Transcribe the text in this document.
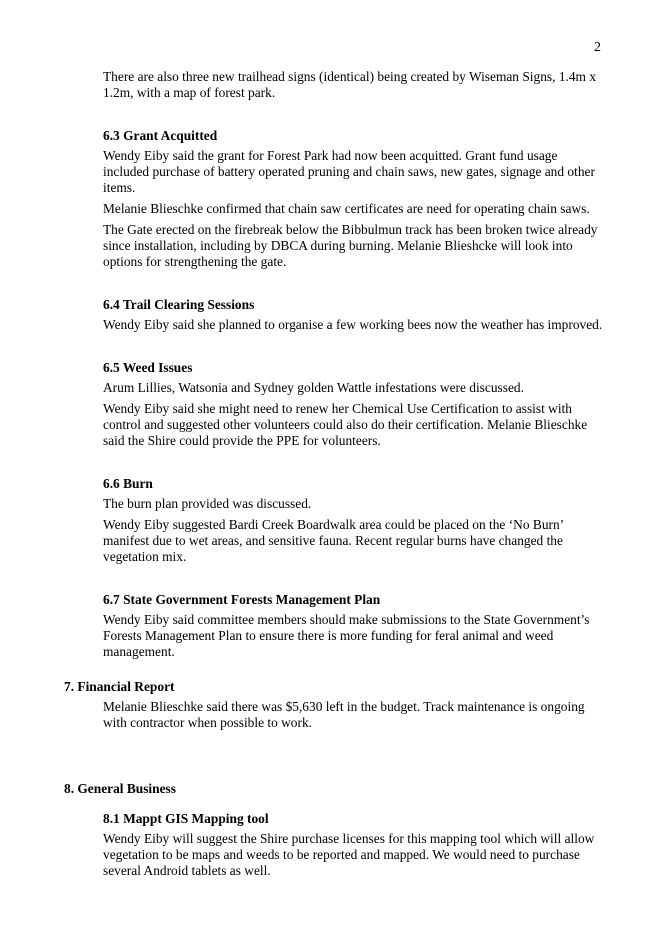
2

There are also three new trailhead signs (identical) being created by Wiseman Signs, 1.4m x 1.2m, with a map of forest park.

6.3 Grant Acquitted

Wendy Eiby said the grant for Forest Park had now been acquitted. Grant fund usage included purchase of battery operated pruning and chain saws, new gates, signage and other items.

Melanie Blieschke confirmed that chain saw certificates are need for operating chain saws.

The Gate erected on the firebreak below the Bibbulmun track has been broken twice already since installation, including by DBCA during burning. Melanie Blieshcke will look into options for strengthening the gate.

6.4 Trail Clearing Sessions

Wendy Eiby said she planned to organise a few working bees now the weather has improved.

6.5 Weed Issues

Arum Lillies, Watsonia and Sydney golden Wattle infestations were discussed.

Wendy Eiby said she might need to renew her Chemical Use Certification to assist with control and suggested other volunteers could also do their certification. Melanie Blieschke said the Shire could provide the PPE for volunteers.

6.6 Burn

The burn plan provided was discussed.

Wendy Eiby suggested Bardi Creek Boardwalk area could be placed on the ‘No Burn’ manifest due to wet areas, and sensitive fauna. Recent regular burns have changed the vegetation mix.

6.7 State Government Forests Management Plan

Wendy Eiby said committee members should make submissions to the State Government’s Forests Management Plan to ensure there is more funding for feral animal and weed management.

7. Financial Report

Melanie Blieschke said there was $5,630 left in the budget. Track maintenance is ongoing with contractor when possible to work.

8. General Business
8.1 Mappt GIS Mapping tool

Wendy Eiby will suggest the Shire purchase licenses for this mapping tool which will allow vegetation to be maps and weeds to be reported and mapped. We would need to purchase several Android tablets as well.
